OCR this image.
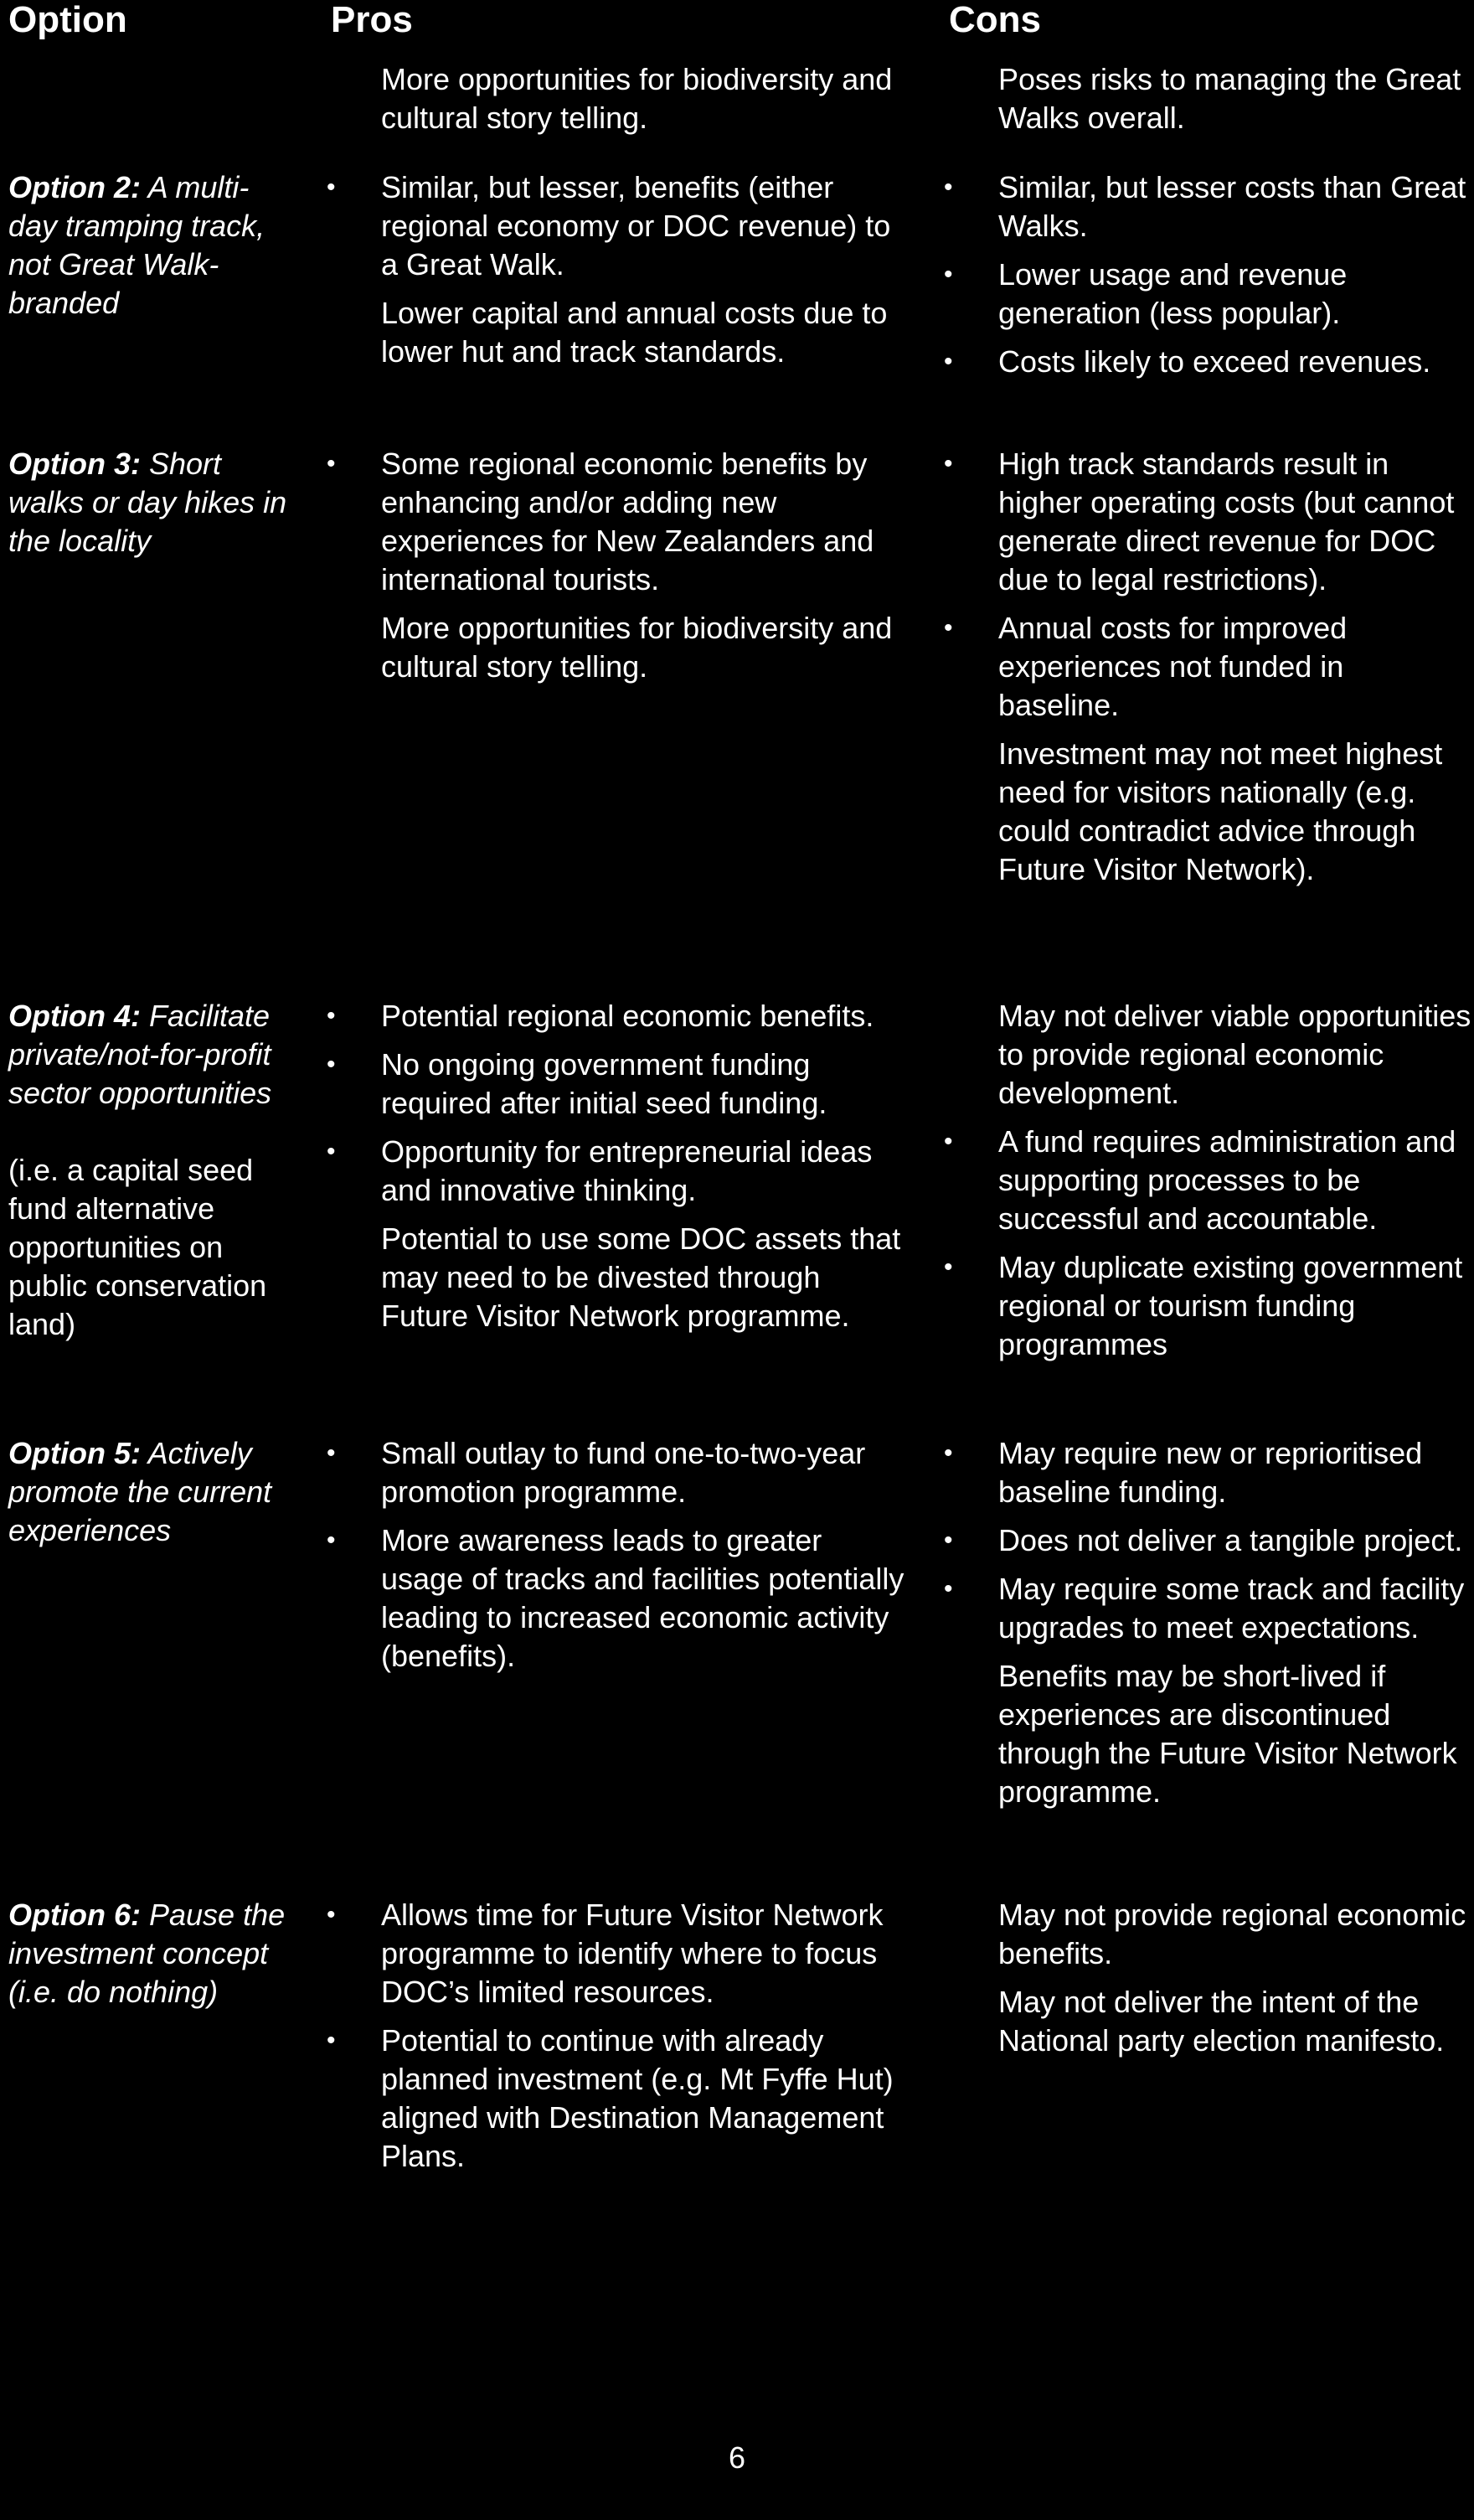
Option	Pros	Cons
More opportunities for biodiversity and cultural story telling.
Poses risks to managing the Great Walks overall.
Option 2: A multi-day tramping track, not Great Walk-branded
• Similar, but lesser, benefits (either regional economy or DOC revenue) to a Great Walk.
Lower capital and annual costs due to lower hut and track standards.
• Similar, but lesser costs than Great Walks.
• Lower usage and revenue generation (less popular).
• Costs likely to exceed revenues.
Option 3: Short walks or day hikes in the locality
• Some regional economic benefits by enhancing and/or adding new experiences for New Zealanders and international tourists.
More opportunities for biodiversity and cultural story telling.
• High track standards result in higher operating costs (but cannot generate direct revenue for DOC due to legal restrictions).
• Annual costs for improved experiences not funded in baseline.
Investment may not meet highest need for visitors nationally (e.g. could contradict advice through Future Visitor Network).
Option 4: Facilitate private/not-for-profit sector opportunities
(i.e. a capital seed fund alternative opportunities on public conservation land)
• Potential regional economic benefits.
• No ongoing government funding required after initial seed funding.
• Opportunity for entrepreneurial ideas and innovative thinking.
Potential to use some DOC assets that may need to be divested through Future Visitor Network programme.
May not deliver viable opportunities to provide regional economic development.
• A fund requires administration and supporting processes to be successful and accountable.
• May duplicate existing government regional or tourism funding programmes
Option 5: Actively promote the current experiences
• Small outlay to fund one-to-two-year promotion programme.
• More awareness leads to greater usage of tracks and facilities potentially leading to increased economic activity (benefits).
• May require new or reprioritised baseline funding.
• Does not deliver a tangible project.
• May require some track and facility upgrades to meet expectations.
Benefits may be short-lived if experiences are discontinued through the Future Visitor Network programme.
Option 6: Pause the investment concept (i.e. do nothing)
• Allows time for Future Visitor Network programme to identify where to focus DOC’s limited resources.
• Potential to continue with already planned investment (e.g. Mt Fyffe Hut) aligned with Destination Management Plans.
May not provide regional economic benefits.
May not deliver the intent of the National party election manifesto.
6
